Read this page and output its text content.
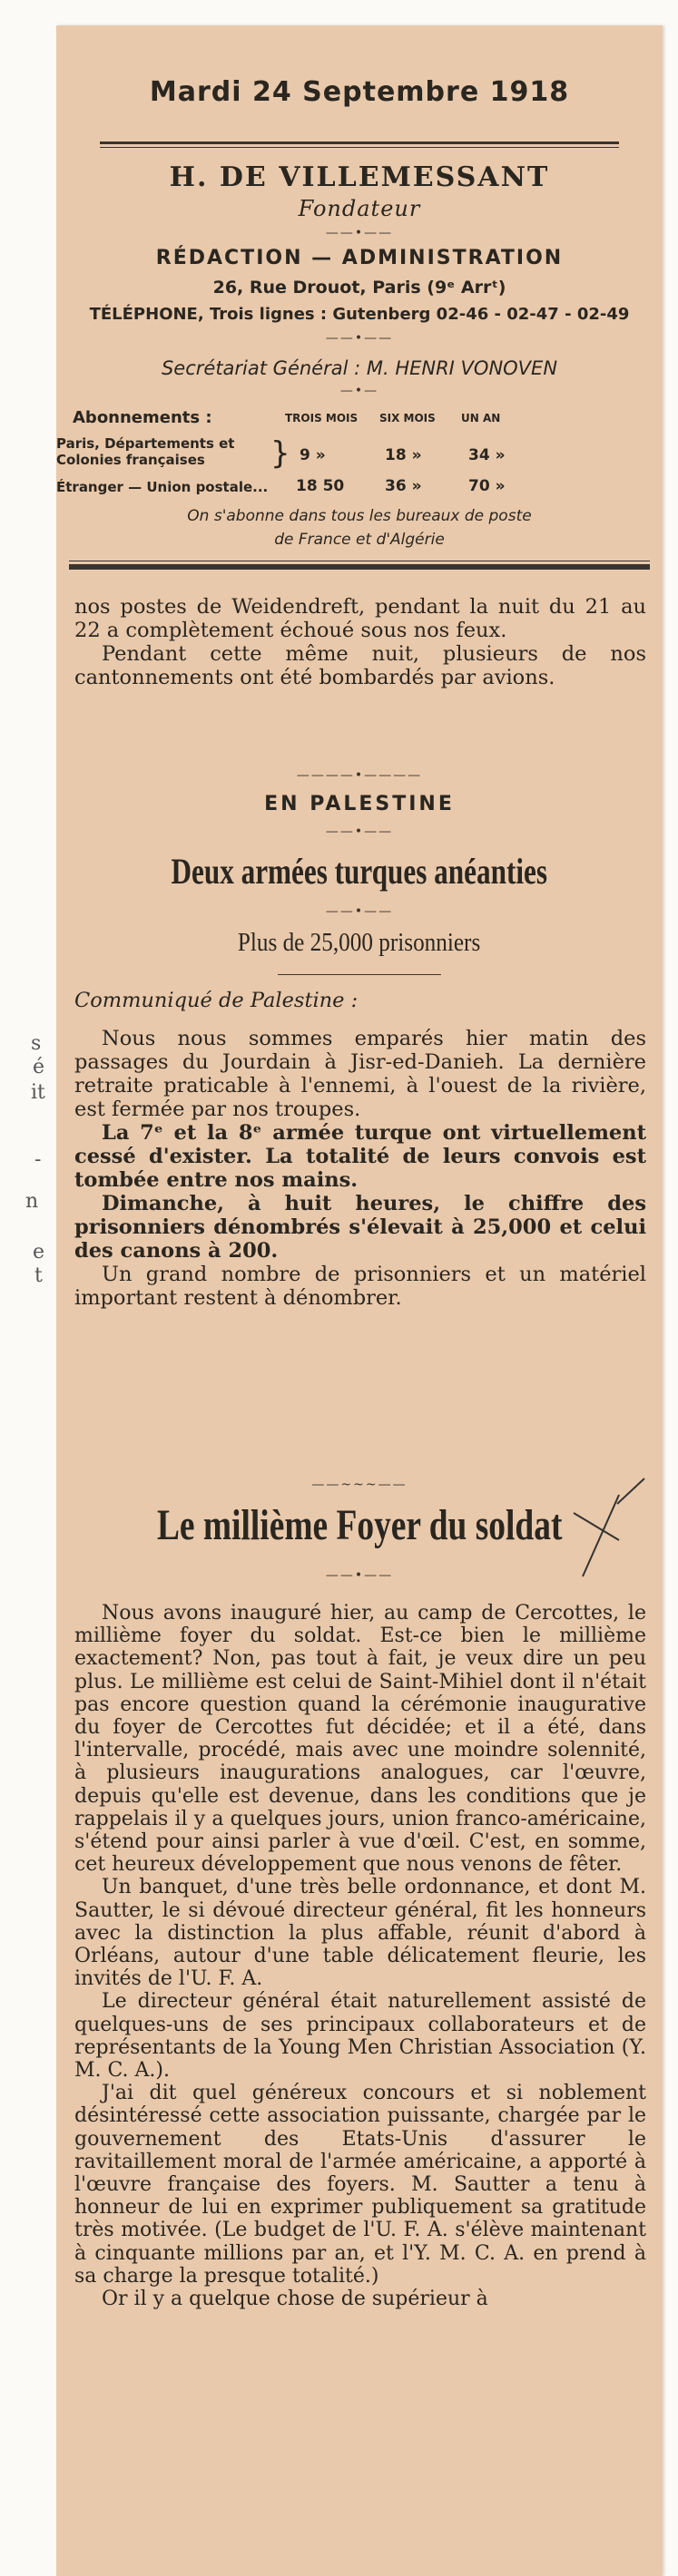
Mardi 24 Septembre 1918
H. DE VILLEMESSANT
Fondateur
——•——
RÉDACTION — ADMINISTRATION
26, Rue Drouot, Paris (9ᵉ Arrᵗ)
TÉLÉPHONE, Trois lignes : Gutenberg 02-46 - 02-47 - 02-49
——•——
Secrétariat Général : M. HENRI VONOVEN
—•—
Abonnements :	TROIS MOIS SIX MOIS UN AN
Paris, Départements et Colonies françaises	} 9 »	18 »	34 »
Étranger — Union postale... 18 50	36 »	70 »
On s'abonne dans tous les bureaux de poste
de France et d'Algérie

nos postes de Weidendreft, pendant la nuit du 21 au 22 a complètement échoué sous nos feux.

Pendant cette même nuit, plusieurs de nos cantonnements ont été bombardés par avions.

————•————
EN PALESTINE
——•——
Deux armées turques anéanties
——•——
Plus de 25,000 prisonniers
Communiqué de Palestine :

Nous nous sommes emparés hier matin des passages du Jourdain à Jisr-ed-Danieh. La dernière retraite praticable à l'ennemi, à l'ouest de la rivière, est fermée par nos troupes.

La 7ᵉ et la 8ᵉ armée turque ont virtuellement cessé d'exister. La totalité de leurs convois est tombée entre nos mains.

Dimanche, à huit heures, le chiffre des prisonniers dénombrés s'élevait à 25,000 et celui des canons à 200.

Un grand nombre de prisonniers et un matériel important restent à dénombrer.

——~~~——
Le millième Foyer du soldat
——•——

Nous avons inauguré hier, au camp de Cercottes, le millième foyer du soldat. Est-ce bien le millième exactement? Non, pas tout à fait, je veux dire un peu plus. Le millième est celui de Saint-Mihiel dont il n'était pas encore question quand la cérémonie inaugurative du foyer de Cercottes fut décidée; et il a été, dans l'intervalle, procédé, mais avec une moindre solennité, à plusieurs inaugurations analogues, car l'œuvre, depuis qu'elle est devenue, dans les conditions que je rappelais il y a quelques jours, union franco-américaine, s'étend pour ainsi parler à vue d'œil. C'est, en somme, cet heureux développement que nous venons de fêter.

Un banquet, d'une très belle ordonnance, et dont M. Sautter, le si dévoué directeur général, fit les honneurs avec la distinction la plus affable, réunit d'abord à Orléans, autour d'une table délicatement fleurie, les invités de l'U. F. A.

Le directeur général était naturellement assisté de quelques-uns de ses principaux collaborateurs et de représentants de la Young Men Christian Association (Y. M. C. A.).

J'ai dit quel généreux concours et si noblement désintéressé cette association puissante, chargée par le gouvernement des Etats-Unis d'assurer le ravitaillement moral de l'armée américaine, a apporté à l'œuvre française des foyers. M. Sautter a tenu à honneur de lui en exprimer publiquement sa gratitude très motivée. (Le budget de l'U. F. A. s'élève maintenant à cinquante millions par an, et l'Y. M. C. A. en prend à sa charge la presque totalité.)

Or il y a quelque chose de supérieur à

s
é
it
-
n
e
t
